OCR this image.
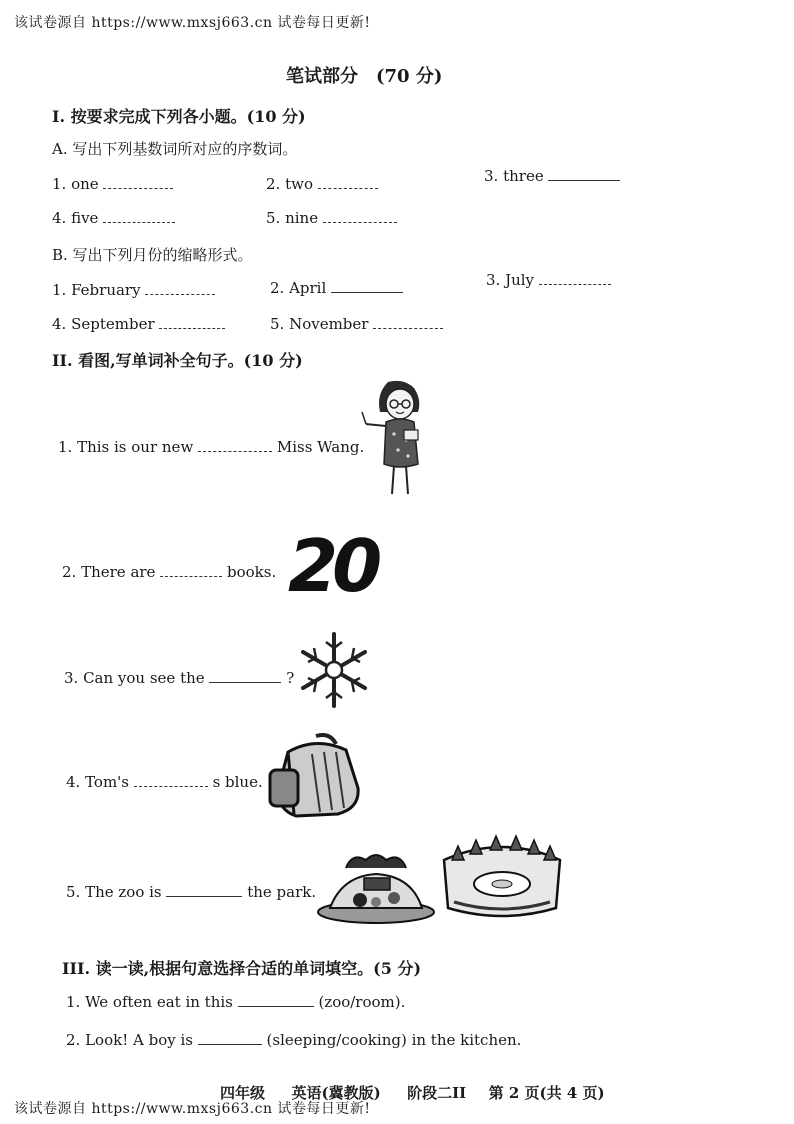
该试卷源自 https://www.mxsj663.cn 试卷每日更新!
笔试部分　(70 分)
I. 按要求完成下列各小题。(10 分)
A. 写出下列基数词所对应的序数词。
1. one	2. two	3. three
4. five	5. nine
B. 写出下列月份的缩略形式。
1. February	2. April	3. July
4. September	5. November
II. 看图,写单词补全句子。(10 分)
1. This is our new	Miss Wang.
2. There are	books. 20
3. Can you see the	?
4. Tom's	s blue.
5. The zoo is	the park.
III. 读一读,根据句意选择合适的单词填空。(5 分)
1. We often eat in this	(zoo/room).
2. Look! A boy is	(sleeping/cooking) in the kitchen.
四年级 英语(冀教版) 阶段二II 第 2 页(共 4 页)
该试卷源自 https://www.mxsj663.cn 试卷每日更新!
